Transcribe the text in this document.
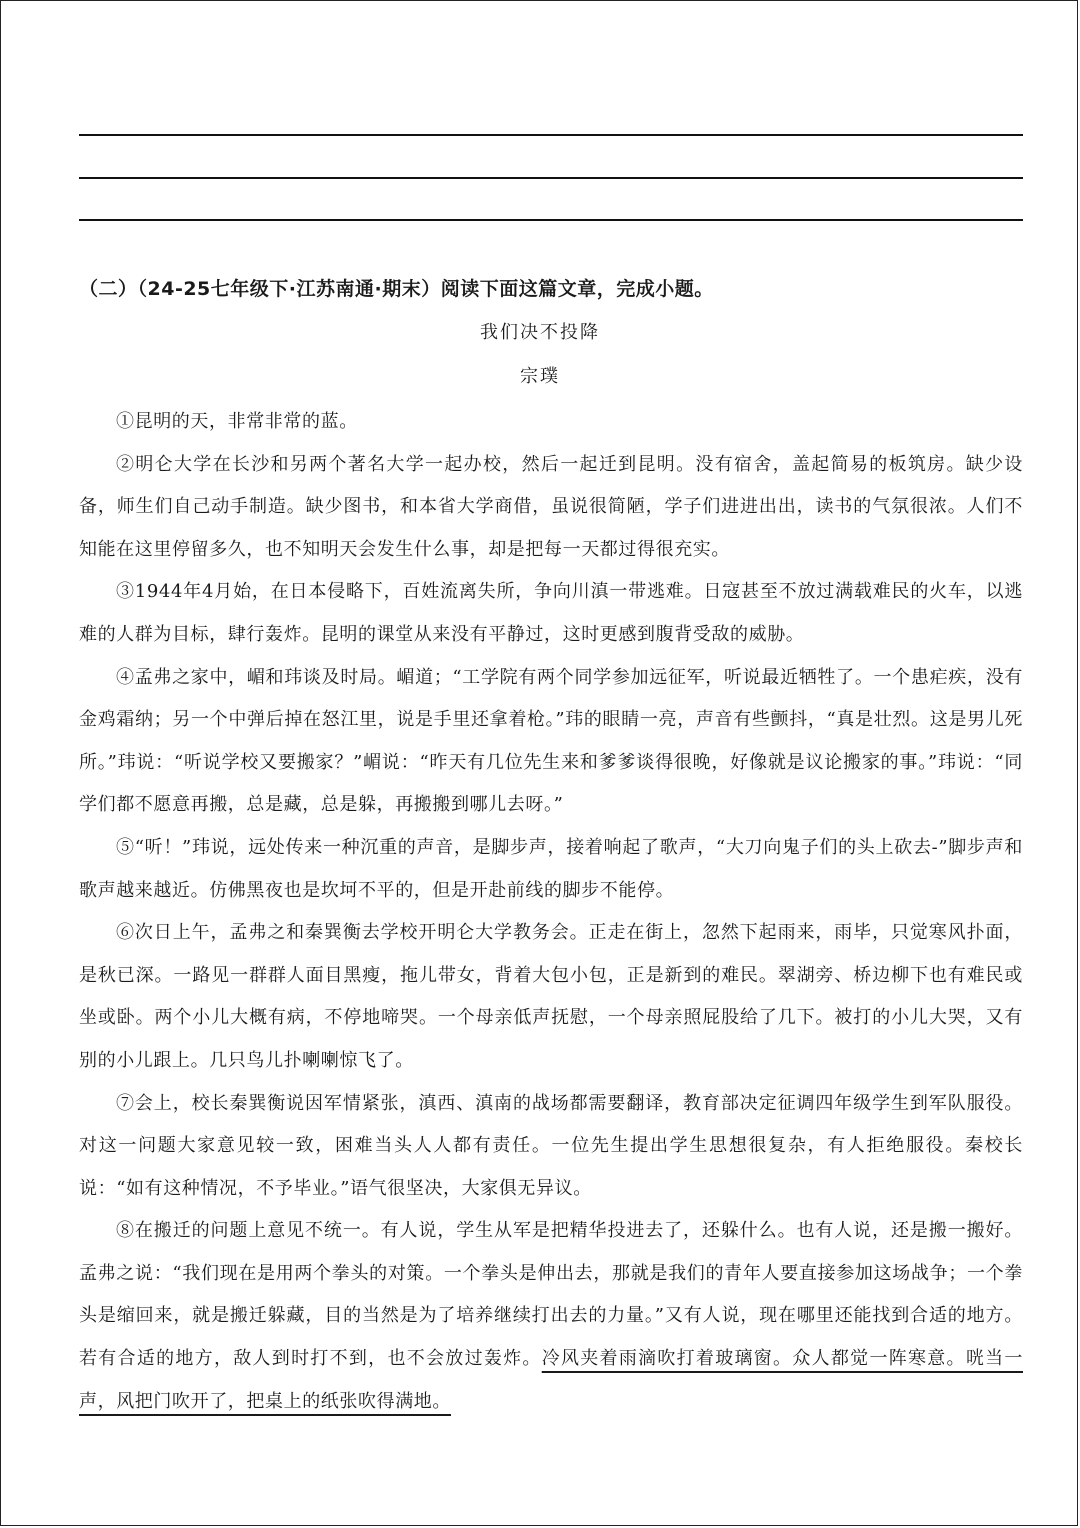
（二）（24-25七年级下·江苏南通·期末）阅读下面这篇文章，完成小题。
我们决不投降
宗璞

①昆明的天，非常非常的蓝。

②明仑大学在长沙和另两个著名大学一起办校，然后一起迁到昆明。没有宿舍，盖起简易的板筑房。缺少设备，师生们自己动手制造。缺少图书，和本省大学商借，虽说很简陋，学子们进进出出，读书的气氛很浓。人们不知能在这里停留多久，也不知明天会发生什么事，却是把每一天都过得很充实。

③1944年4月始，在日本侵略下，百姓流离失所，争向川滇一带逃难。日寇甚至不放过满载难民的火车，以逃难的人群为目标，肆行轰炸。昆明的课堂从来没有平静过，这时更感到腹背受敌的威胁。

④孟弗之家中，嵋和玮谈及时局。嵋道；“工学院有两个同学参加远征军，听说最近牺牲了。一个患疟疾，没有金鸡霜纳；另一个中弹后掉在怒江里，说是手里还拿着枪。”玮的眼睛一亮，声音有些颤抖，“真是壮烈。这是男儿死所。”玮说：“听说学校又要搬家？”嵋说：“昨天有几位先生来和爹爹谈得很晚，好像就是议论搬家的事。”玮说：“同学们都不愿意再搬，总是藏，总是躲，再搬搬到哪儿去呀。”

⑤“听！”玮说，远处传来一种沉重的声音，是脚步声，接着响起了歌声，“大刀向鬼子们的头上砍去-”脚步声和歌声越来越近。仿佛黑夜也是坎坷不平的，但是开赴前线的脚步不能停。

⑥次日上午，孟弗之和秦巽衡去学校开明仑大学教务会。正走在街上，忽然下起雨来，雨毕，只觉寒风扑面，是秋已深。一路见一群群人面目黑瘦，拖儿带女，背着大包小包，正是新到的难民。翠湖旁、桥边柳下也有难民或坐或卧。两个小儿大概有病，不停地啼哭。一个母亲低声抚慰，一个母亲照屁股给了几下。被打的小儿大哭，又有别的小儿跟上。几只鸟儿扑喇喇惊飞了。

⑦会上，校长秦巽衡说因军情紧张，滇西、滇南的战场都需要翻译，教育部决定征调四年级学生到军队服役。对这一问题大家意见较一致，困难当头人人都有责任。一位先生提出学生思想很复杂，有人拒绝服役。秦校长说：“如有这种情况，不予毕业。”语气很坚决，大家俱无异议。

⑧在搬迁的问题上意见不统一。有人说，学生从军是把精华投进去了，还躲什么。也有人说，还是搬一搬好。孟弗之说：“我们现在是用两个拳头的对策。一个拳头是伸出去，那就是我们的青年人要直接参加这场战争；一个拳头是缩回来，就是搬迁躲藏，目的当然是为了培养继续打出去的力量。”又有人说，现在哪里还能找到合适的地方。若有合适的地方，敌人到时打不到，也不会放过轰炸。冷风夹着雨滴吹打着玻璃窗。众人都觉一阵寒意。咣当一声，风把门吹开了，把桌上的纸张吹得满地。
